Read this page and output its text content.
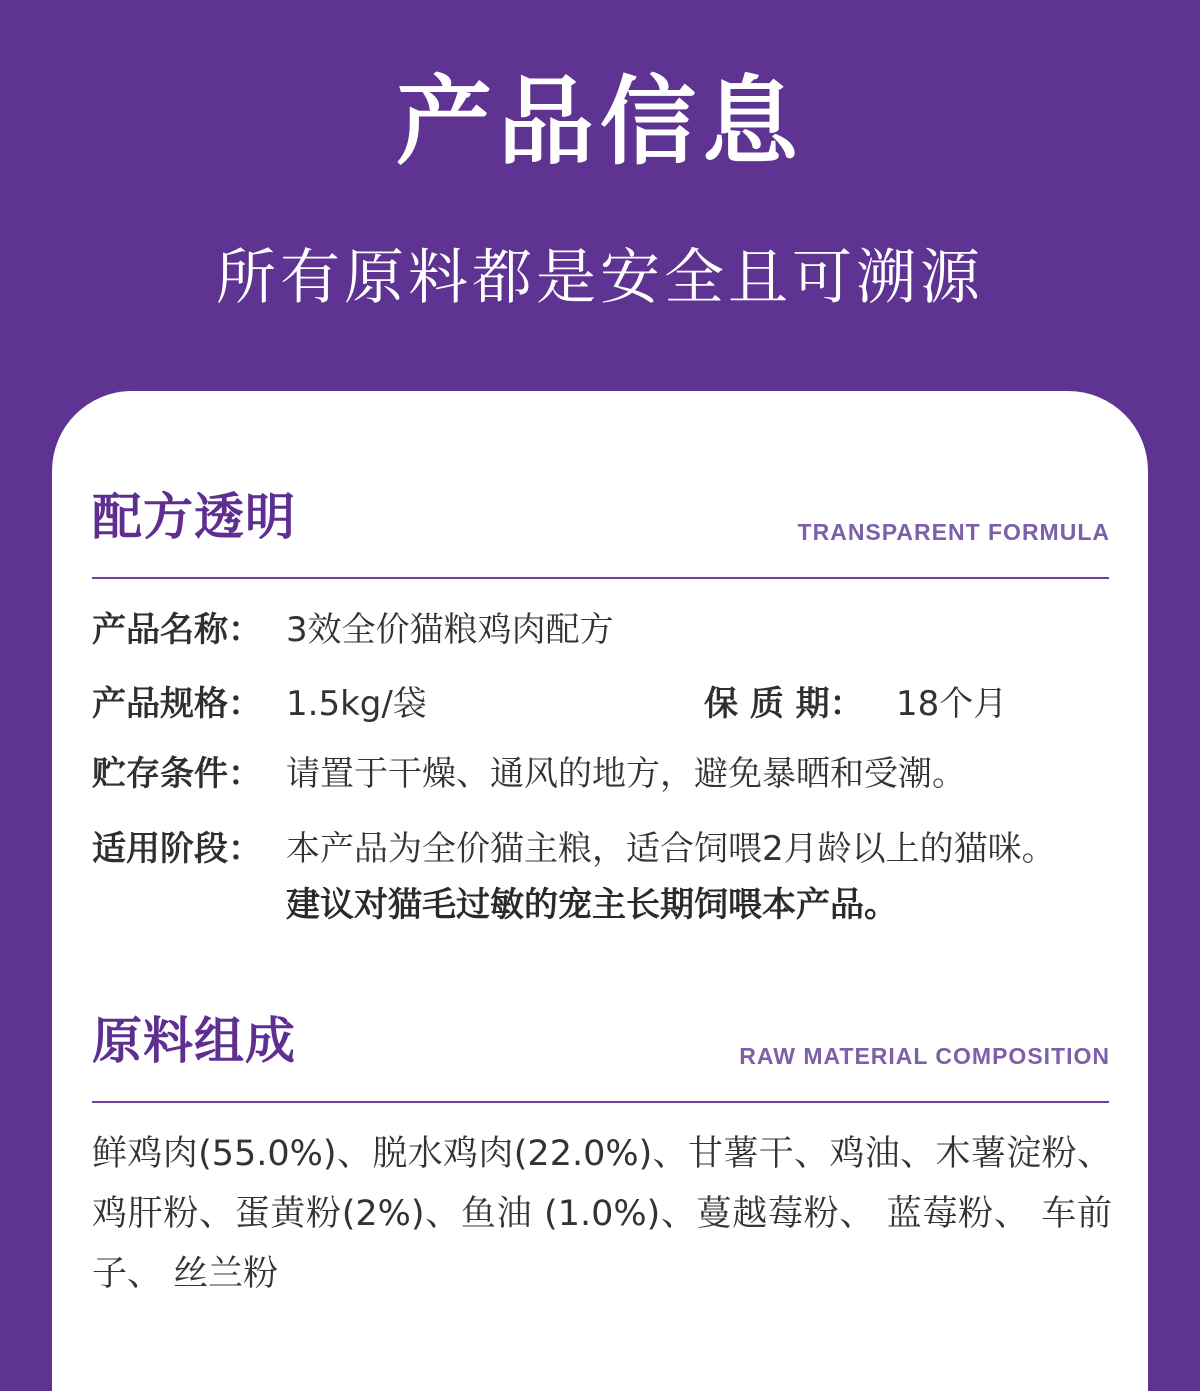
产品信息
所有原料都是安全且可溯源
配方透明	TRANSPARENT FORMULA
产品名称： 3效全价猫粮鸡肉配方
产品规格： 1.5kg/袋	保 质 期： 18个月
贮存条件： 请置于干燥、通风的地方，避免暴晒和受潮。
适用阶段： 本产品为全价猫主粮，适合饲喂2月龄以上的猫咪。
建议对猫毛过敏的宠主长期饲喂本产品。
原料组成	RAW MATERIAL COMPOSITION
鲜鸡肉(55.0%)、脱水鸡肉(22.0%)、甘薯干、鸡油、木薯淀粉、鸡肝粉、蛋黄粉(2%)、鱼油 (1.0%)、蔓越莓粉、 蓝莓粉、 车前子、 丝兰粉
